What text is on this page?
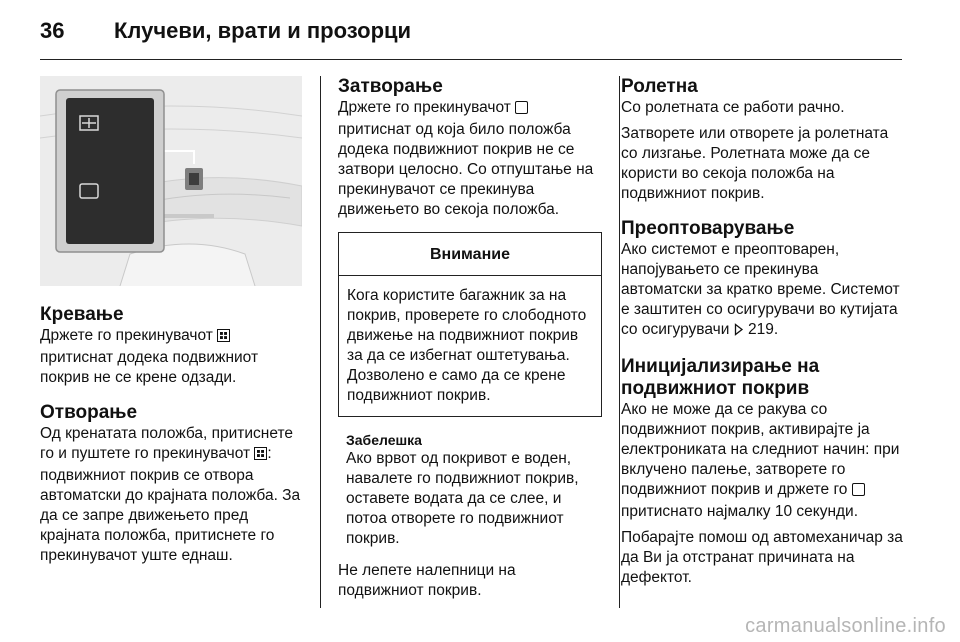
36	Клучеви, врати и прозорци
Кревање

Држете го прекинувачот  притиснат додека подвижниот покрив не се крене одзади.

Отворање

Од кренатата положба, притиснете го и пуштете го прекинувачот : подвижниот покрив се отвора автоматски до крајната положба. За да се запре движењето пред крајната положба, притиснете го прекинувачот уште еднаш.

Затворање

Држете го прекинувачот  притиснат од која било положба додека подвижниот покрив не се затвори целосно. Со отпуштање на прекинувачот се прекинува движењето во секоја положба.

Внимание

Кога користите багажник за на покрив, проверете го слободното движење на подвижниот покрив за да се избегнат оштетувања.

Дозволено е само да се крене подвижниот покрив.

Забелешка

Ако врвот од покривот е воден, навалете го подвижниот покрив, оставете водата да се слее, и потоа отворете го подвижниот покрив.

Не лепете налепници на подвижниот покрив.

Ролетна

Со ролетната се работи рачно.

Затворете или отворете ја ролетната со лизгање. Ролетната може да се користи во секоја положба на подвижниот покрив.

Преоптоварување

Ако системот е преоптоварен, напојувањето се прекинува автоматски за кратко време. Системот е заштитен со осигурувачи во кутијата со осигурувачи  219.

Иницијализирање на подвижниот покрив

Ако не може да се ракува со подвижниот покрив, активирајте ја електрониката на следниот начин: при вклучено палење, затворете го подвижниот покрив и држете го  притиснато најмалку 10 секунди.

Побарајте помош од автомеханичар за да Ви ја отстранат причината на дефектот.

carmanualsonline.info
